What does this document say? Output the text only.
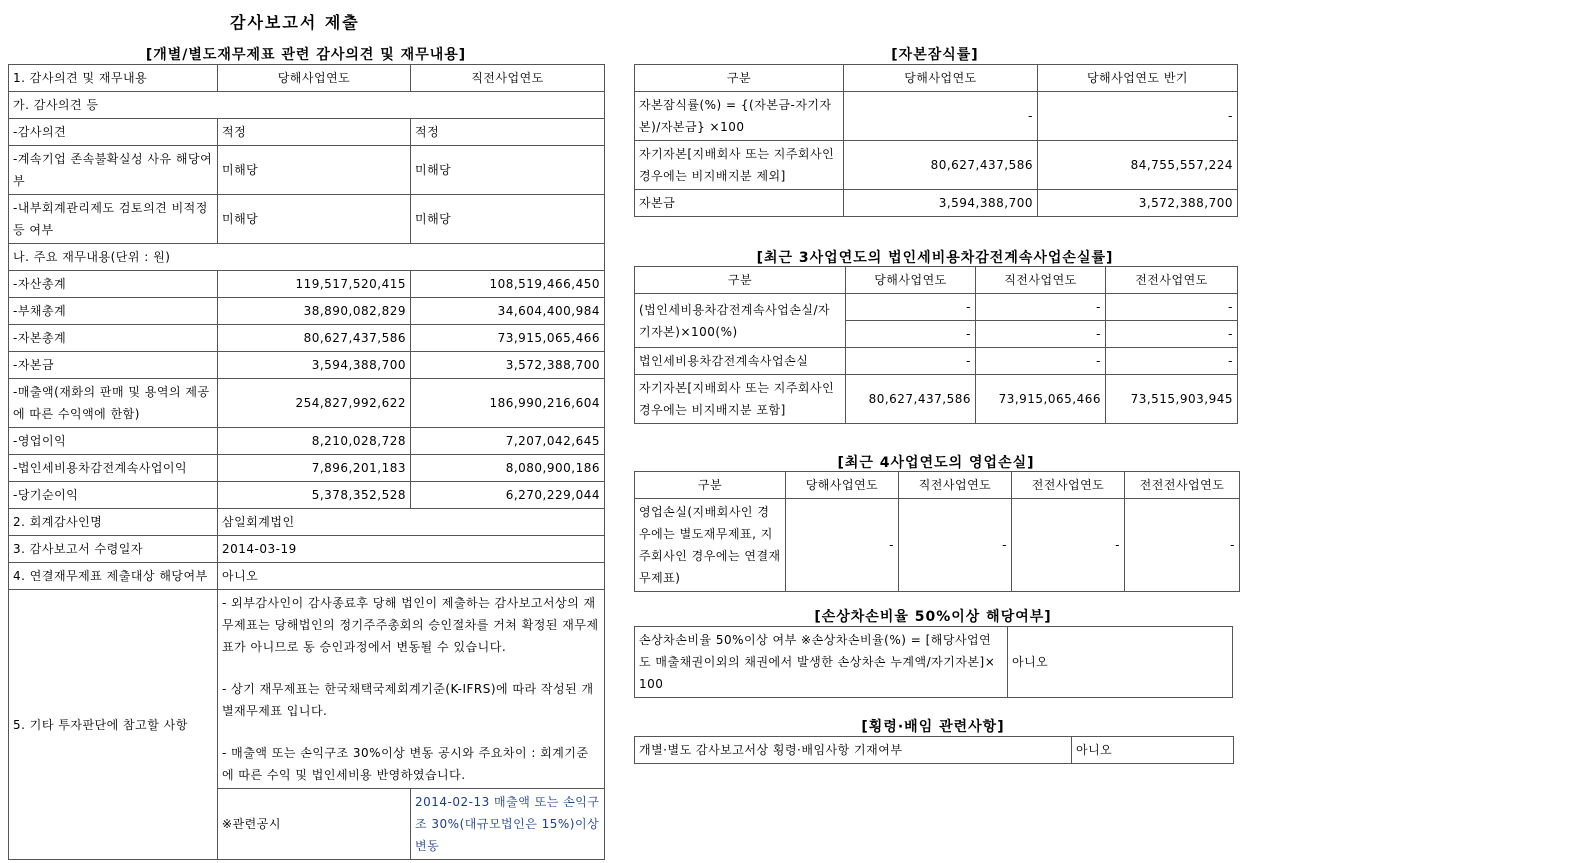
감사보고서 제출
[개별/별도재무제표 관련 감사의견 및 재무내용]
1. 감사의견 및 재무내용	당해사업연도	직전사업연도
가. 감사의견 등		
-감사의견	적정	적정
-계속기업 존속불확실성 사유 해당여부	미해당	미해당
-내부회계관리제도 검토의견 비적정 등 여부	미해당	미해당
나. 주요 재무내용(단위 : 원)		
-자산총계	119,517,520,415	108,519,466,450
-부채총계	38,890,082,829	34,604,400,984
-자본총계	80,627,437,586	73,915,065,466
-자본금	3,594,388,700	3,572,388,700
-매출액(재화의 판매 및 용역의 제공에 따른 수익액에 한함)	254,827,992,622	186,990,216,604
-영업이익	8,210,028,728	7,207,042,645
-법인세비용차감전계속사업이익	7,896,201,183	8,080,900,186
-당기순이익	5,378,352,528	6,270,229,044
2. 회계감사인명	삼일회계법인	
3. 감사보고서 수령일자	2014-03-19	
4. 연결재무제표 제출대상 해당여부	아니오	
5. 기타 투자판단에 참고할 사항	- 외부감사인이 감사종료후 당해 법인이 제출하는 감사보고서상의 재무제표는 당해법인의 정기주주총회의 승인절차를 거쳐 확정된 재무제표가 아니므로 동 승인과정에서 변동될 수 있습니다.
- 상기 재무제표는 한국채택국제회계기준(K-IFRS)에 따라 작성된 개별재무제표 입니다.
- 매출액 또는 손익구조 30%이상 변동 공시와 주요차이 : 회계기준에 따른 수익 및 법인세비용 반영하였습니다.	

	※관련공시	2014-02-13 매출액 또는 손익구조 30%(대규모법인은 15%)이상 변동
[자본잠식률]
구분	당해사업연도	당해사업연도 반기
자본잠식률(%) = {(자본금-자기자본)/자본금} ×100	-	-
자기자본[지배회사 또는 지주회사인 경우에는 비지배지분 제외]	80,627,437,586	84,755,557,224
자본금	3,594,388,700	3,572,388,700
[최근 3사업연도의 법인세비용차감전계속사업손실률]
구분	당해사업연도	직전사업연도	전전사업연도
(법인세비용차감전계속사업손실/자기자본)×100(%)	-	-	-
	-	-	-
법인세비용차감전계속사업손실	-	-	-
자기자본[지배회사 또는 지주회사인 경우에는 비지배지분 포함]	80,627,437,586	73,915,065,466	73,515,903,945
[최근 4사업연도의 영업손실]
구분	당해사업연도	직전사업연도	전전사업연도	전전전사업연도
영업손실(지배회사인 경우에는 별도재무제표, 지주회사인 경우에는 연결재무제표)	-	-	-	-
[손상차손비율 50%이상 해당여부]
손상차손비율 50%이상 여부 ※손상차손비율(%) = [해당사업연도 매출채권이외의 채권에서 발생한 손상차손 누계액/자기자본]×100	아니오
[횡령·배임 관련사항]
개별·별도 감사보고서상 횡령·배임사항 기재여부	아니오
